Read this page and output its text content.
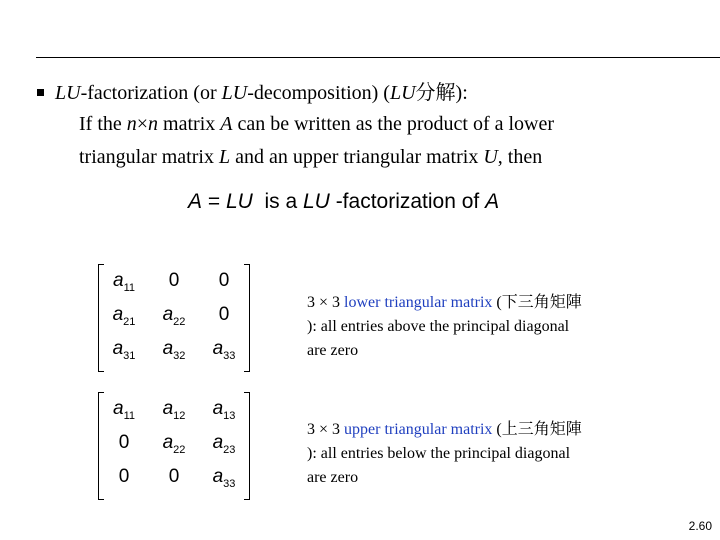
LU-factorization (or LU-decomposition) (LU分解):
If the n×n matrix A can be written as the product of a lower
triangular matrix L and an upper triangular matrix U, then
A = LU  is a LU -factorization of A
$a_{11}$	0	0
$a_{21}$	$a_{22}$	0
$a_{31}$	$a_{32}$	$a_{33}$
$a_{11}$	$a_{12}$	$a_{13}$
0	$a_{22}$	$a_{23}$
0	0	$a_{33}$
3 × 3 lower triangular matrix (下三角矩陣
): all entries above the principal diagonal
are zero
3 × 3 upper triangular matrix (上三角矩陣
): all entries below the principal diagonal
are zero
2.60
